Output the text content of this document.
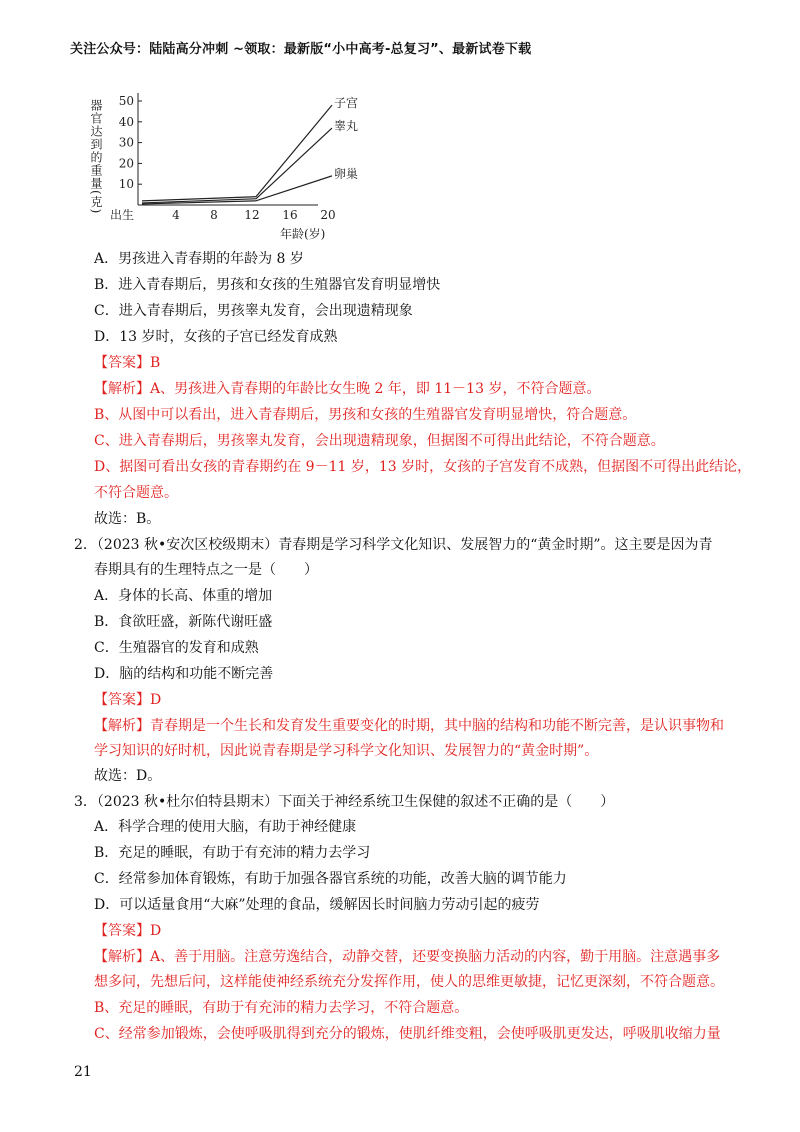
关注公众号：陆陆高分冲刺 ~领取：最新版“小中高考-总复习”、最新试卷下载
10
20
30
40
50
出生	4	8 12 16 20
器官达到的重量(克)
年龄(岁)
子宫
睾丸
卵巢
A．男孩进入青春期的年龄为 8 岁
B．进入青春期后，男孩和女孩的生殖器官发育明显增快
C．进入青春期后，男孩睾丸发育，会出现遗精现象
D．13 岁时，女孩的子宫已经发育成熟
【答案】B
【解析】A、男孩进入青春期的年龄比女生晚 2 年，即 11－13 岁，不符合题意。
B、从图中可以看出，进入青春期后，男孩和女孩的生殖器官发育明显增快，符合题意。
C、进入青春期后，男孩睾丸发育，会出现遗精现象，但据图不可得出此结论，不符合题意。
D、据图可看出女孩的青春期约在 9－11 岁，13 岁时，女孩的子宫发育不成熟，但据图不可得出此结论，
不符合题意。
故选：B。
2．（2023 秋•安次区校级期末）青春期是学习科学文化知识、发展智力的“黄金时期”。这主要是因为青
春期具有的生理特点之一是（　　）
A．身体的长高、体重的增加
B．食欲旺盛，新陈代谢旺盛
C．生殖器官的发育和成熟
D．脑的结构和功能不断完善
【答案】D
【解析】青春期是一个生长和发育发生重要变化的时期，其中脑的结构和功能不断完善，是认识事物和
学习知识的好时机，因此说青春期是学习科学文化知识、发展智力的“黄金时期”。
故选：D。
3．（2023 秋•杜尔伯特县期末）下面关于神经系统卫生保健的叙述不正确的是（　　）
A．科学合理的使用大脑，有助于神经健康
B．充足的睡眠，有助于有充沛的精力去学习
C．经常参加体育锻炼，有助于加强各器官系统的功能，改善大脑的调节能力
D．可以适量食用“大麻”处理的食品，缓解因长时间脑力劳动引起的疲劳
【答案】D
【解析】A、善于用脑。注意劳逸结合，动静交替，还要变换脑力活动的内容，勤于用脑。注意遇事多
想多问，先想后问，这样能使神经系统充分发挥作用，使人的思维更敏捷，记忆更深刻，不符合题意。
B、充足的睡眠，有助于有充沛的精力去学习，不符合题意。
C、经常参加锻炼，会使呼吸肌得到充分的锻炼，使肌纤维变粗，会使呼吸肌更发达，呼吸肌收缩力量
21
